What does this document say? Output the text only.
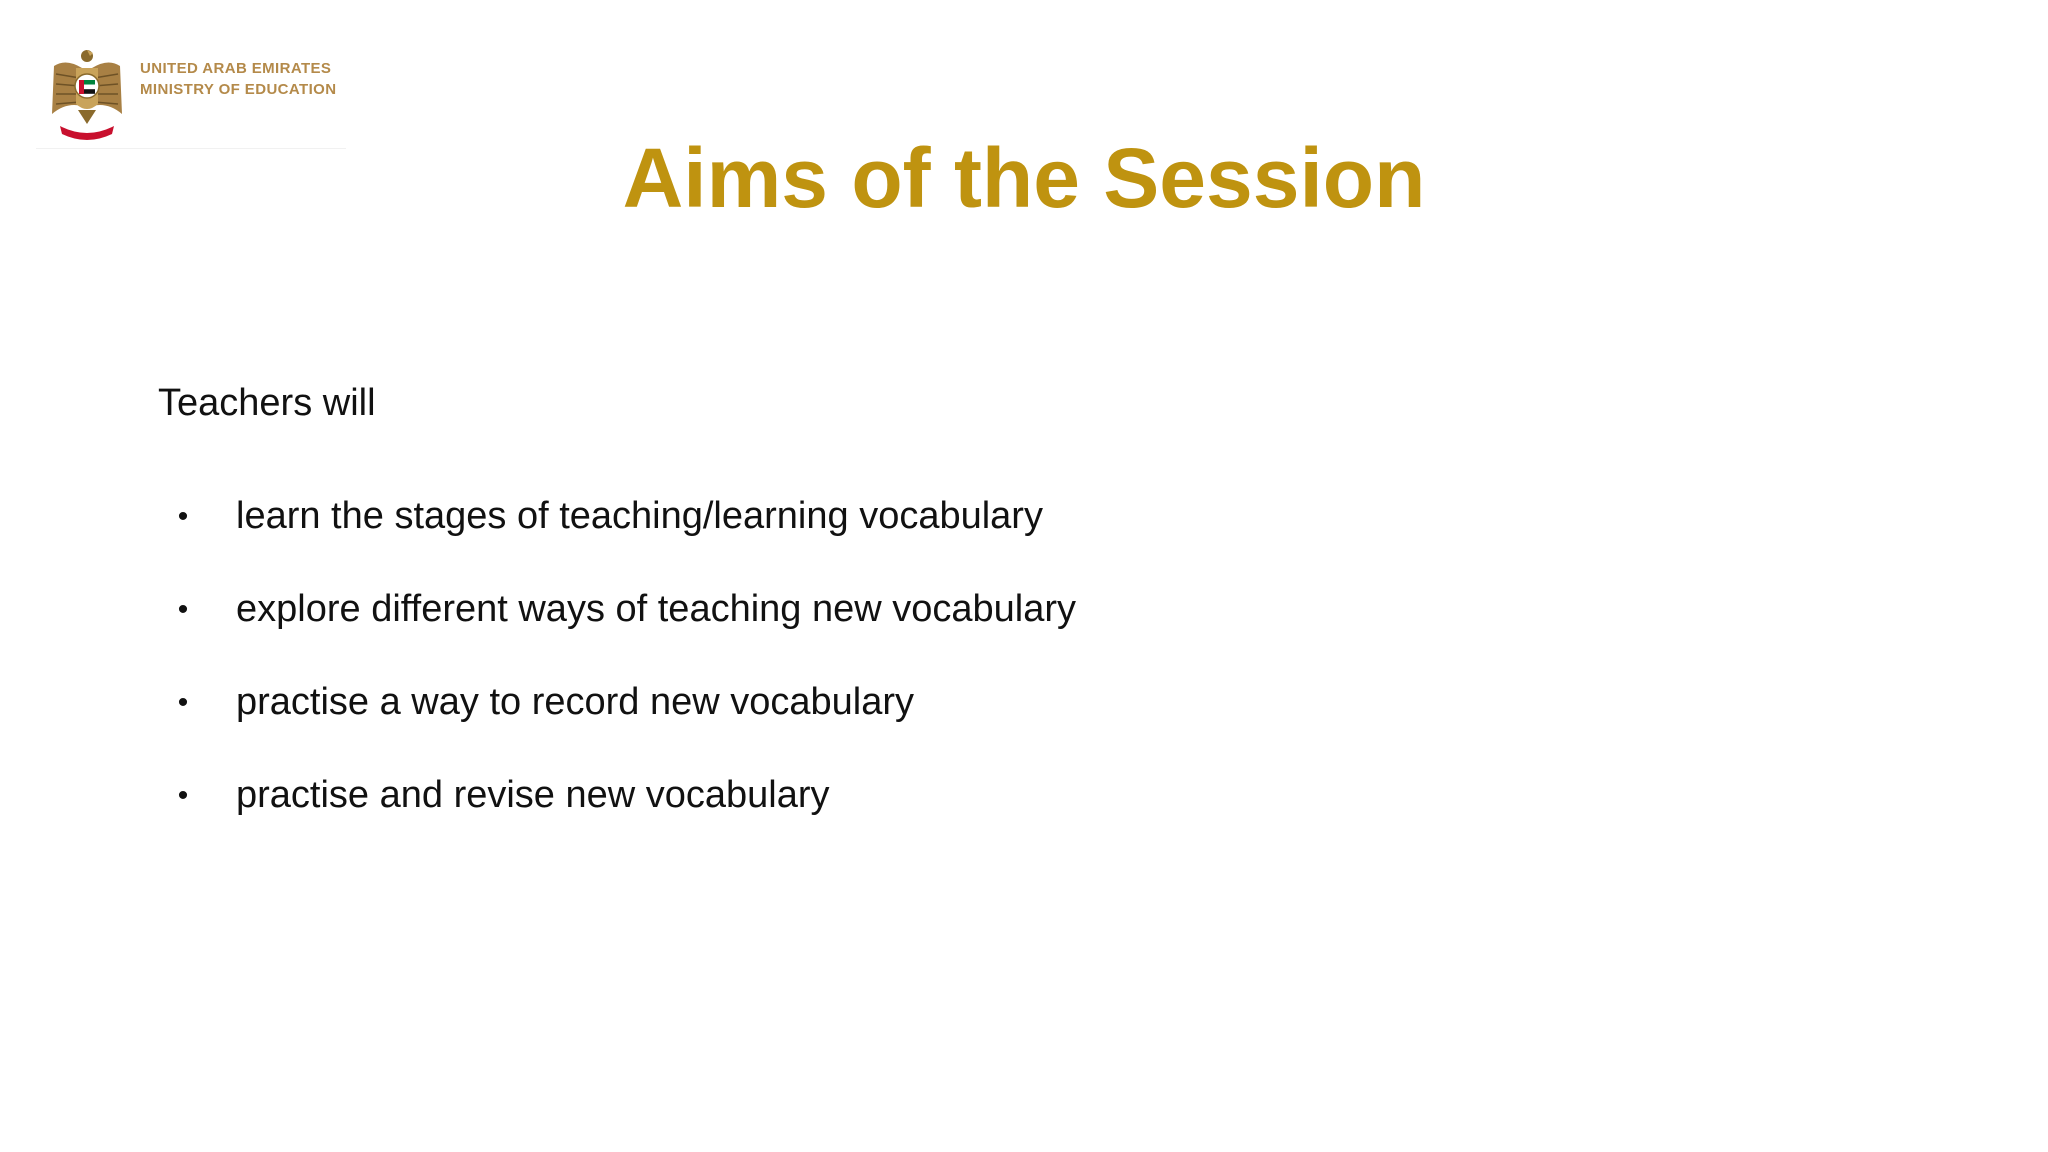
UNITED ARAB EMIRATES
MINISTRY OF EDUCATION
Aims of the Session
Teachers will
• learn the stages of teaching/learning vocabulary
• explore different ways of teaching new vocabulary
• practise a way to record new vocabulary
• practise and revise new vocabulary
